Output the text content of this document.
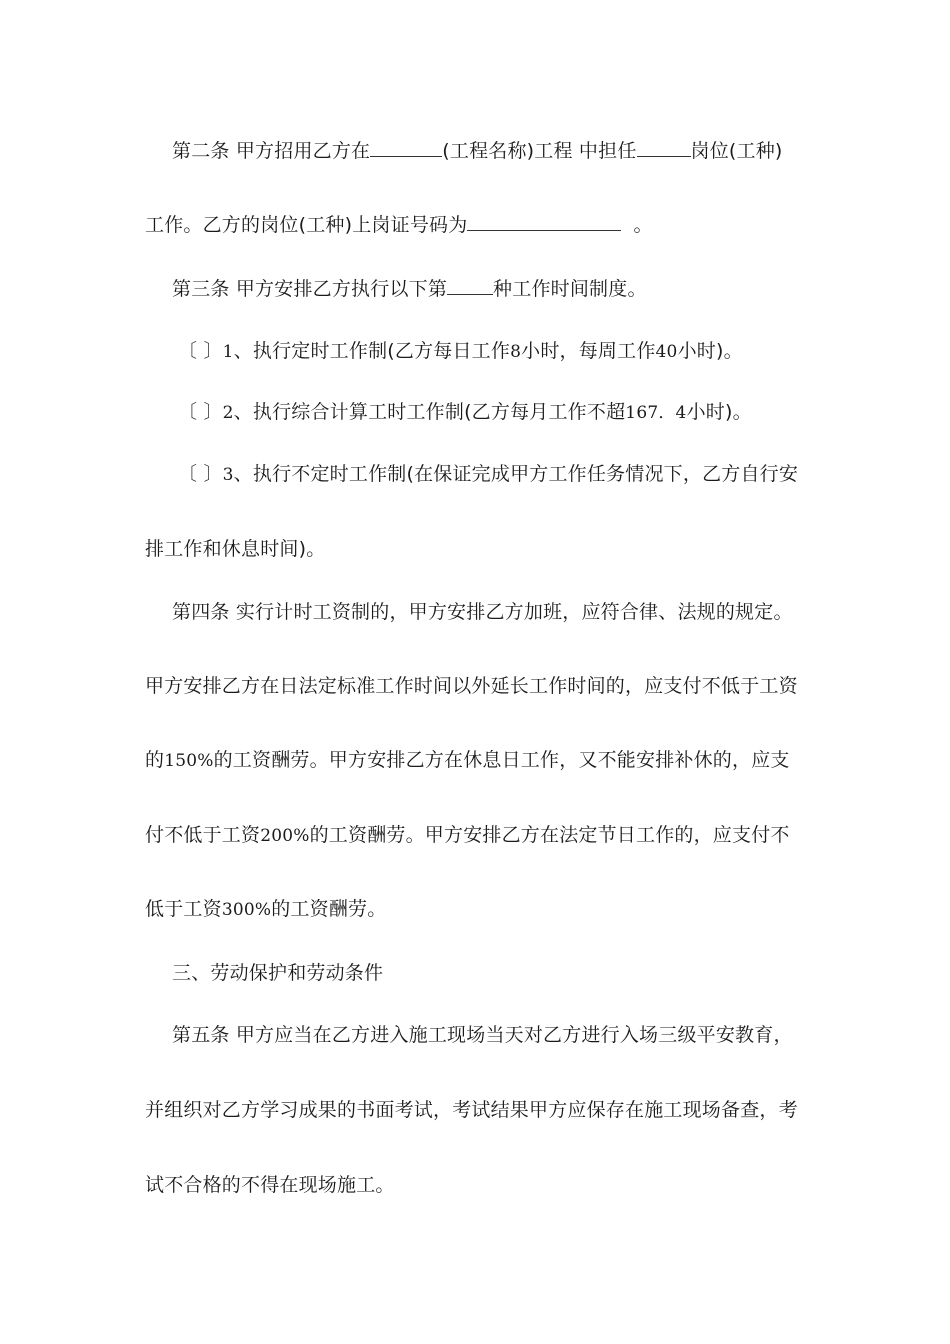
第二条 甲方招用乙方在	(工程名称)工程 中担任	岗位(工种)
工作。乙方的岗位(工种)上岗证号码为	。
第三条 甲方安排乙方执行以下第 种工作时间制度。
〔 〕1、执行定时工作制(乙方每日工作8小时，每周工作40小时)。
〔 〕2、执行综合计算工时工作制(乙方每月工作不超167．4小时)。
〔 〕3、执行不定时工作制(在保证完成甲方工作任务情况下，乙方自行安
排工作和休息时间)。
第四条 实行计时工资制的，甲方安排乙方加班，应符合律、法规的规定。
甲方安排乙方在日法定标准工作时间以外延长工作时间的，应支付不低于工资
的150%的工资酬劳。甲方安排乙方在休息日工作，又不能安排补休的，应支
付不低于工资200%的工资酬劳。甲方安排乙方在法定节日工作的，应支付不
低于工资300%的工资酬劳。
三、劳动保护和劳动条件
第五条 甲方应当在乙方进入施工现场当天对乙方进行入场三级平安教育，
并组织对乙方学习成果的书面考试，考试结果甲方应保存在施工现场备查，考
试不合格的不得在现场施工。
